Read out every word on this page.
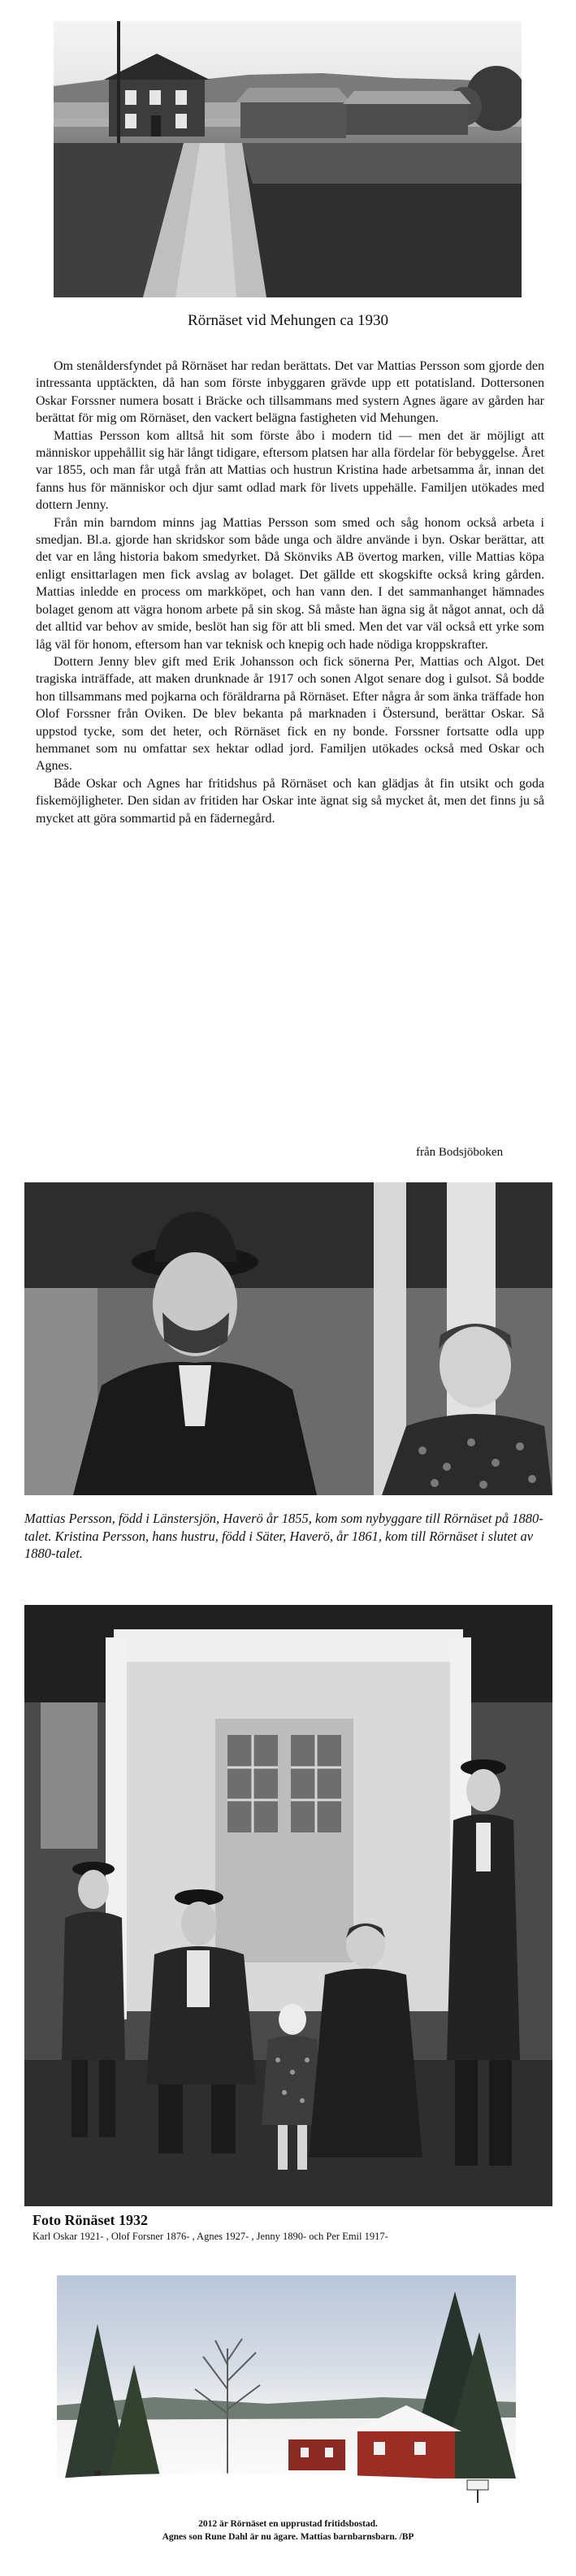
Rörnäset vid Mehungen ca 1930

Om stenåldersfyndet på Rörnäset har redan berättats. Det var Mattias Persson som gjorde den intressanta upptäckten, då han som förste inbyggaren grävde upp ett potatisland. Dottersonen Oskar Forssner numera bosatt i Bräcke och tillsammans med systern Agnes ägare av gården har berättat för mig om Rörnäset, den vackert belägna fastigheten vid Mehungen.

Mattias Persson kom alltså hit som förste åbo i modern tid — men det är möjligt att människor uppehållit sig här långt tidigare, eftersom platsen har alla fördelar för bebyggelse. Året var 1855, och man får utgå från att Mattias och hustrun Kristina hade arbetsamma år, innan det fanns hus för människor och djur samt odlad mark för livets uppehälle. Familjen utökades med dottern Jenny.

Från min barndom minns jag Mattias Persson som smed och såg honom också arbeta i smedjan. Bl.a. gjorde han skridskor som både unga och äldre använde i byn. Oskar berättar, att det var en lång historia bakom smedyrket. Då Skönviks AB övertog marken, ville Mattias köpa enligt ensittarlagen men fick avslag av bolaget. Det gällde ett skogskifte också kring gården. Mattias inledde en process om markköpet, och han vann den. I det sammanhanget hämnades bolaget genom att vägra honom arbete på sin skog. Så måste han ägna sig åt något annat, och då det alltid var behov av smide, beslöt han sig för att bli smed. Men det var väl också ett yrke som låg väl för honom, eftersom han var teknisk och knepig och hade nödiga kroppskrafter.

Dottern Jenny blev gift med Erik Johansson och fick sönerna Per, Mattias och Algot. Det tragiska inträffade, att maken drunknade år 1917 och sonen Algot senare dog i gulsot. Så bodde hon tillsammans med pojkarna och föräldrarna på Rörnäset. Efter några år som änka träffade hon Olof Forssner från Oviken. De blev bekanta på marknaden i Östersund, berättar Oskar. Så uppstod tycke, som det heter, och Rörnäset fick en ny bonde. Forssner fortsatte odla upp hemmanet som nu omfattar sex hektar odlad jord. Familjen utökades också med Oskar och Agnes.

Både Oskar och Agnes har fritidshus på Rörnäset och kan glädjas åt fin utsikt och goda fiskemöjligheter. Den sidan av fritiden har Oskar inte ägnat sig så mycket åt, men det finns ju så mycket att göra sommartid på en fädernegård.

från Bodsjöboken
Mattias Persson, född i Länstersjön, Haverö år 1855, kom som nybyggare till Rörnäset på 1880-talet. Kristina Persson, hans hustru, född i Säter, Haverö, år 1861, kom till Rörnäset i slutet av 1880-talet.
Foto Rönäset 1932
Karl Oskar 1921- , Olof Forsner 1876- , Agnes 1927- , Jenny 1890- och Per Emil 1917-
2012 är Rörnäset en upprustad fritidsbostad.
Agnes son Rune Dahl är nu ägare. Mattias barnbarnsbarn. /BP
